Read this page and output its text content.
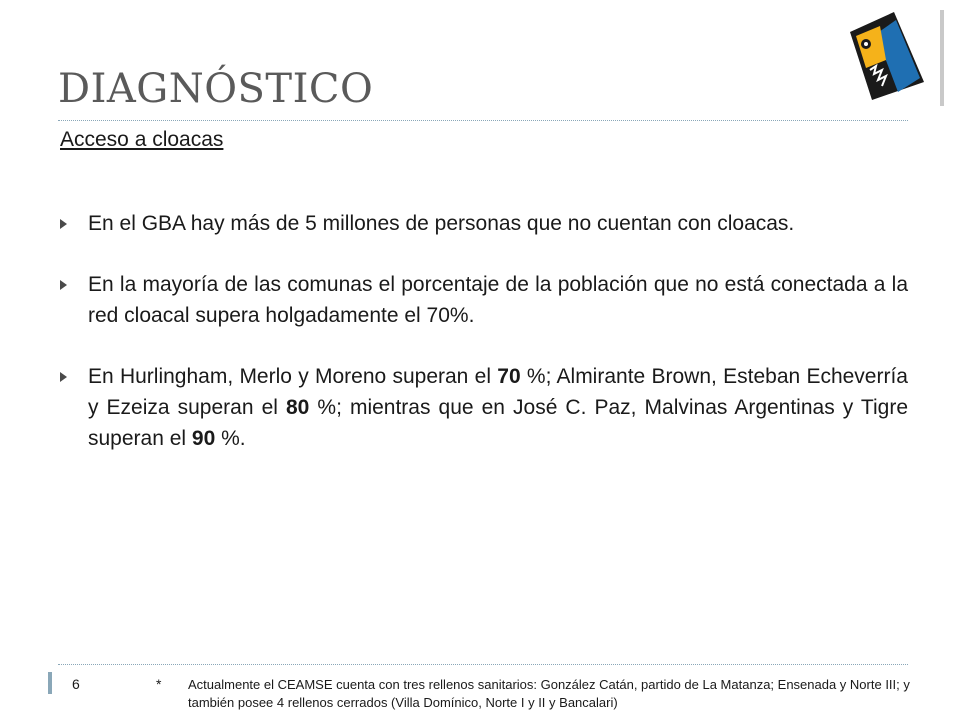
DIAGNÓSTICO
Acceso a cloacas
En el GBA hay más de 5 millones de personas que no cuentan con cloacas.
En la mayoría de las comunas el porcentaje de la población que no está conectada a la red cloacal supera holgadamente el 70%.
En Hurlingham, Merlo y Moreno superan el 70 %; Almirante Brown, Esteban Echeverría y Ezeiza superan el 80 %; mientras que en José C. Paz, Malvinas Argentinas y Tigre superan el 90 %.
6	* Actualmente el CEAMSE cuenta con tres rellenos sanitarios: González Catán, partido de La Matanza; Ensenada y Norte III; y también posee 4 rellenos cerrados (Villa Domínico, Norte I y II y Bancalari)
